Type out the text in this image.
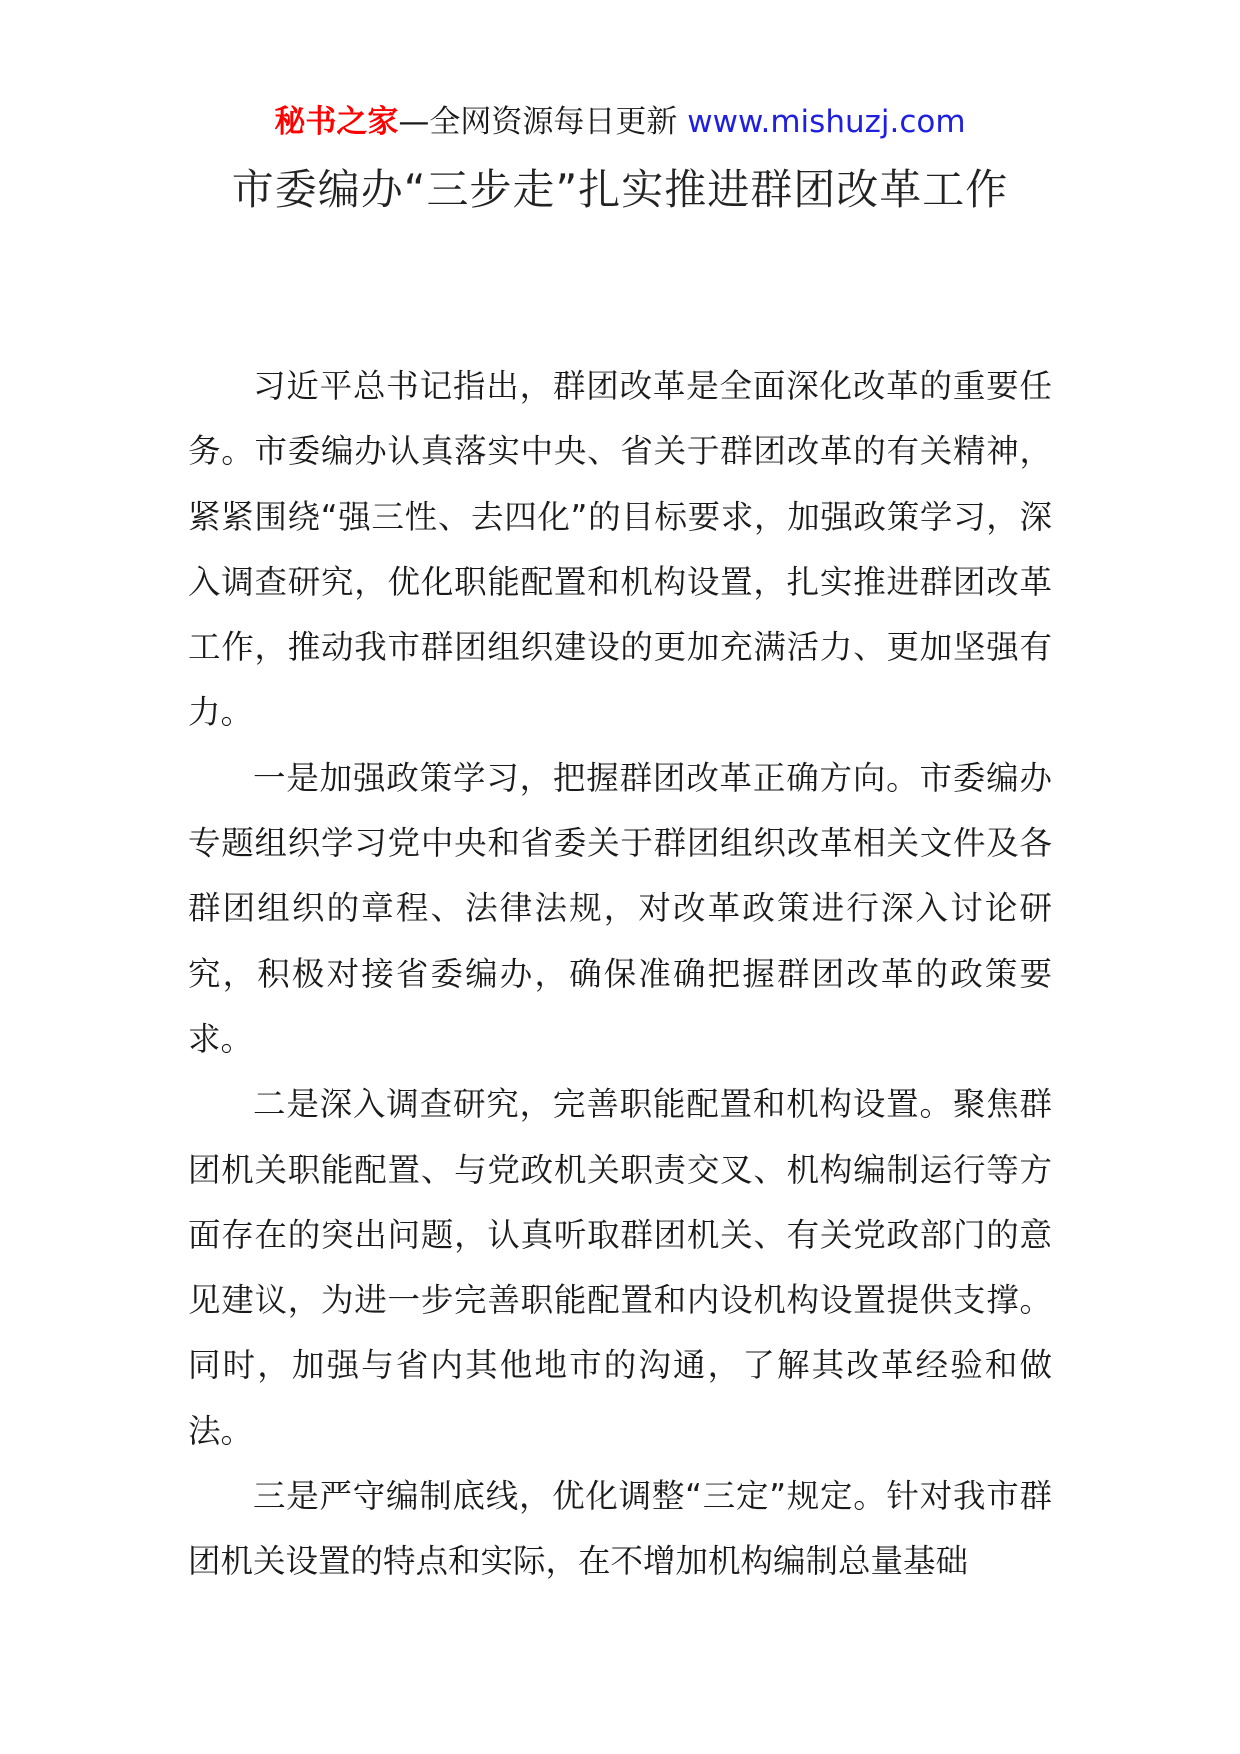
秘书之家—全网资源每日更新 www.mishuzj.com
市委编办“三步走”扎实推进群团改革工作

习近平总书记指出，群团改革是全面深化改革的重要任务。市委编办认真落实中央、省关于群团改革的有关精神，紧紧围绕“强三性、去四化”的目标要求，加强政策学习，深入调查研究，优化职能配置和机构设置，扎实推进群团改革工作，推动我市群团组织建设的更加充满活力、更加坚强有力。

一是加强政策学习，把握群团改革正确方向。市委编办专题组织学习党中央和省委关于群团组织改革相关文件及各群团组织的章程、法律法规，对改革政策进行深入讨论研究，积极对接省委编办，确保准确把握群团改革的政策要求。

二是深入调查研究，完善职能配置和机构设置。聚焦群团机关职能配置、与党政机关职责交叉、机构编制运行等方面存在的突出问题，认真听取群团机关、有关党政部门的意见建议，为进一步完善职能配置和内设机构设置提供支撑。同时，加强与省内其他地市的沟通，了解其改革经验和做法。

三是严守编制底线，优化调整“三定”规定。针对我市群团机关设置的特点和实际，在不增加机构编制总量基础
